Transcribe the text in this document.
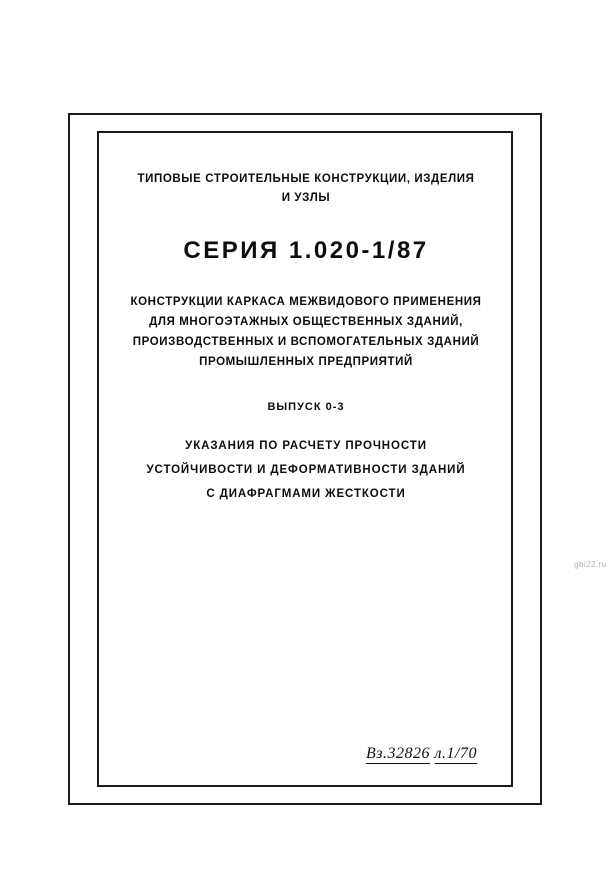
ТИПОВЫЕ СТРОИТЕЛЬНЫЕ КОНСТРУКЦИИ, ИЗДЕЛИЯ
И УЗЛЫ
СЕРИЯ 1.020-1/87
КОНСТРУКЦИИ КАРКАСА МЕЖВИДОВОГО ПРИМЕНЕНИЯ
ДЛЯ МНОГОЭТАЖНЫХ ОБЩЕСТВЕННЫХ ЗДАНИЙ,
ПРОИЗВОДСТВЕННЫХ И ВСПОМОГАТЕЛЬНЫХ ЗДАНИЙ
ПРОМЫШЛЕННЫХ ПРЕДПРИЯТИЙ
ВЫПУСК 0-3
УКАЗАНИЯ ПО РАСЧЕТУ ПРОЧНОСТИ
УСТОЙЧИВОСТИ И ДЕФОРМАТИВНОСТИ ЗДАНИЙ
С ДИАФРАГМАМИ ЖЕСТКОСТИ
Вз.32826 л.1/70
gbi22.ru
